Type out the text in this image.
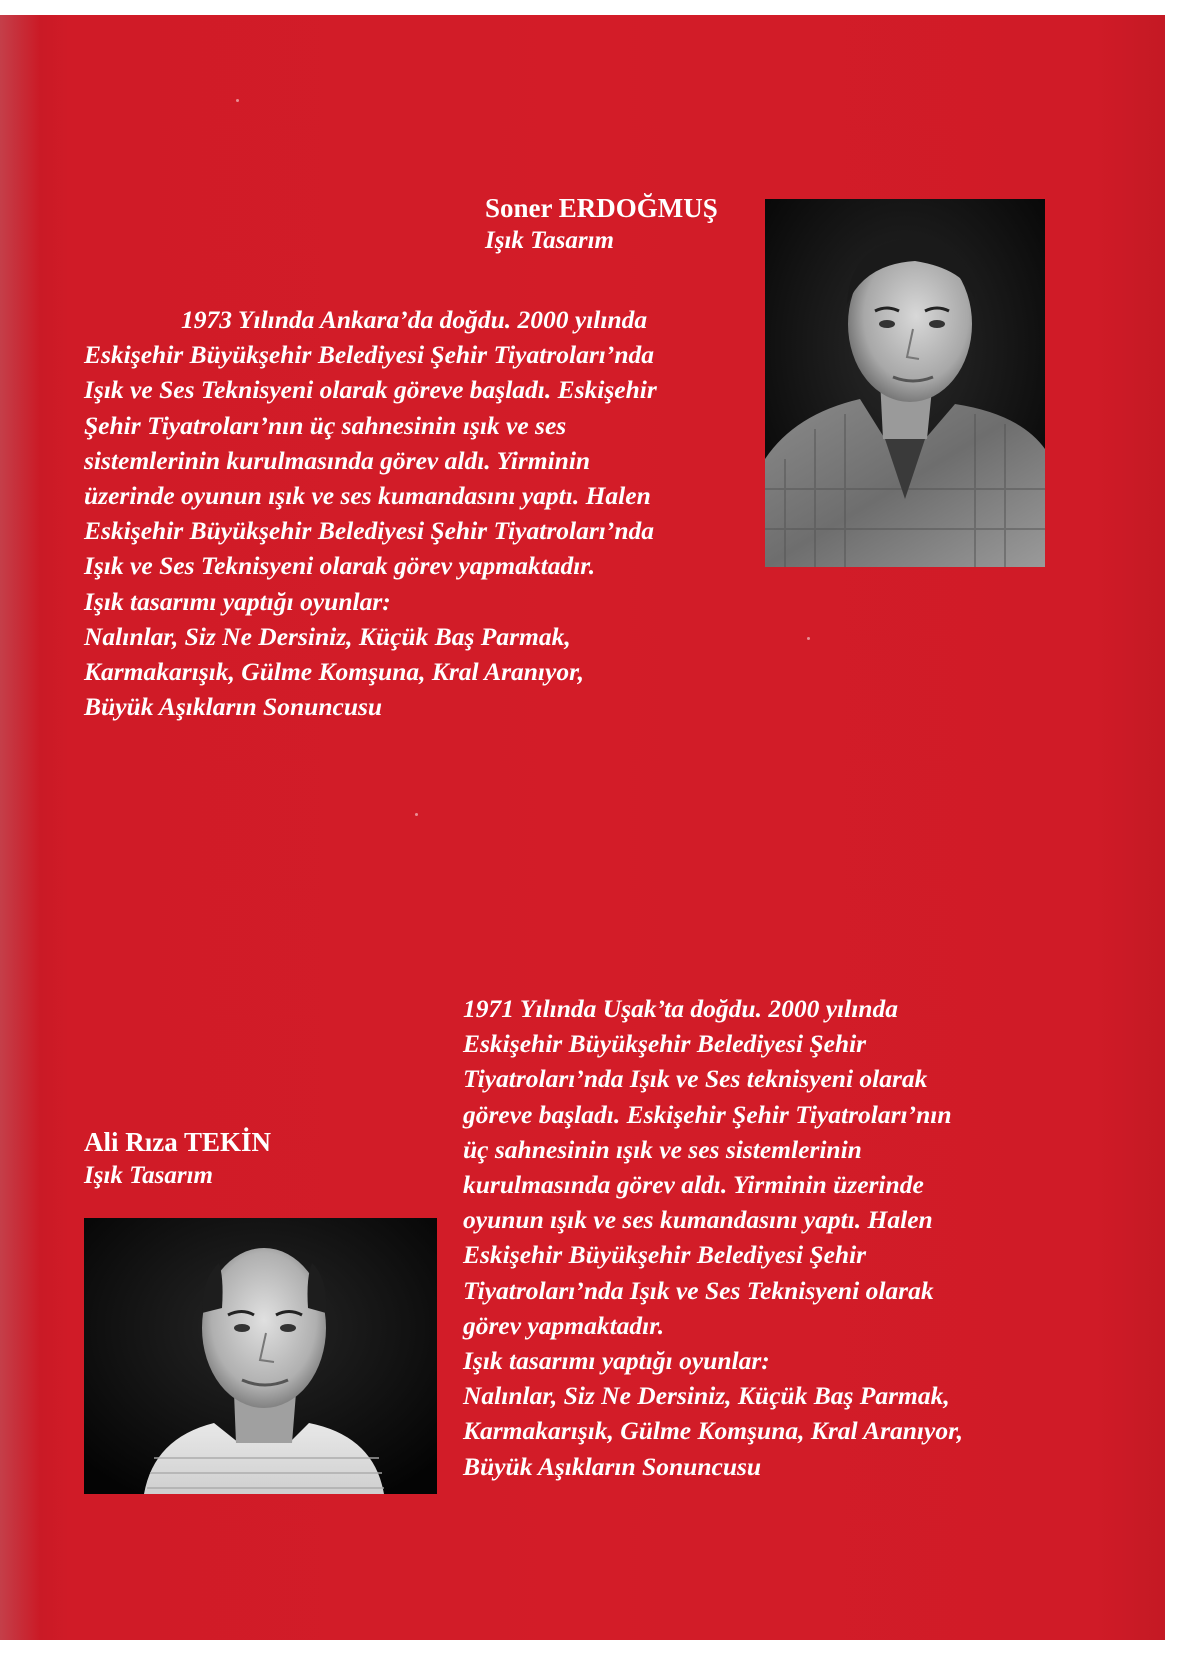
Soner ERDOĞMUŞ
Işık Tasarım
1973 Yılında Ankara’da doğdu. 2000 yılında
Eskişehir Büyükşehir Belediyesi Şehir Tiyatroları’nda
Işık ve Ses Teknisyeni olarak göreve başladı. Eskişehir
Şehir Tiyatroları’nın üç sahnesinin ışık ve ses
sistemlerinin kurulmasında görev aldı. Yirminin
üzerinde oyunun ışık ve ses kumandasını yaptı. Halen
Eskişehir Büyükşehir Belediyesi Şehir Tiyatroları’nda
Işık ve Ses Teknisyeni olarak görev yapmaktadır.
Işık tasarımı yaptığı oyunlar:
Nalınlar, Siz Ne Dersiniz, Küçük Baş Parmak,
Karmakarışık, Gülme Komşuna, Kral Aranıyor,
Büyük Aşıkların Sonuncusu
1971 Yılında Uşak’ta doğdu. 2000 yılında
Eskişehir Büyükşehir Belediyesi Şehir
Tiyatroları’nda Işık ve Ses teknisyeni olarak
göreve başladı. Eskişehir Şehir Tiyatroları’nın
üç sahnesinin ışık ve ses sistemlerinin
kurulmasında görev aldı. Yirminin üzerinde
oyunun ışık ve ses kumandasını yaptı. Halen
Eskişehir Büyükşehir Belediyesi Şehir
Tiyatroları’nda Işık ve Ses Teknisyeni olarak
görev yapmaktadır.
Işık tasarımı yaptığı oyunlar:
Nalınlar, Siz Ne Dersiniz, Küçük Baş Parmak,
Karmakarışık, Gülme Komşuna, Kral Aranıyor,
Büyük Aşıkların Sonuncusu
Ali Rıza TEKİN
Işık Tasarım
